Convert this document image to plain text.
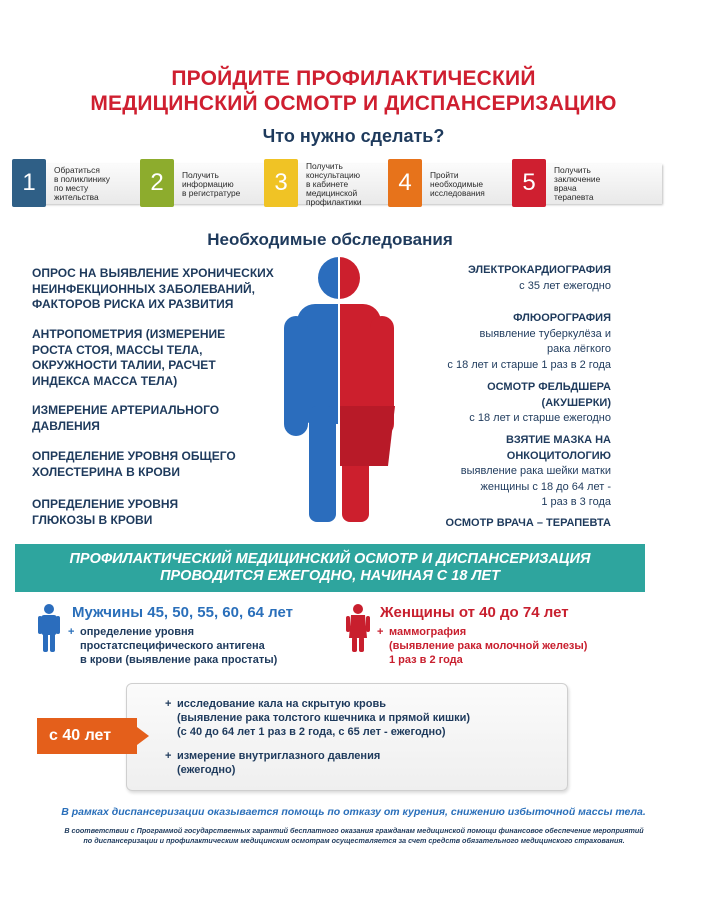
ПРОЙДИТЕ ПРОФИЛАКТИЧЕСКИЙ
МЕДИЦИНСКИЙ ОСМОТР И ДИСПАНСЕРИЗАЦИЮ
Что нужно сделать?
Обратиться
в поликлинику
по месту
жительства
1	Получить
информацию
в регистратуре
2
Получить
консультацию
в кабинете
медицинской
профилактики
3	Пройти
необходимые
исследования
4	Получить
заключение
врача
терапевта
5
Необходимые обследования
ОПРОС НА ВЫЯВЛЕНИЕ ХРОНИЧЕСКИХ
НЕИНФЕКЦИОННЫХ ЗАБОЛЕВАНИЙ,
ФАКТОРОВ РИСКА ИХ РАЗВИТИЯ
АНТРОПОМЕТРИЯ (ИЗМЕРЕНИЕ
РОСТА СТОЯ, МАССЫ ТЕЛА,
ОКРУЖНОСТИ ТАЛИИ, РАСЧЕТ
ИНДЕКСА МАССА ТЕЛА)
ИЗМЕРЕНИЕ АРТЕРИАЛЬНОГО
ДАВЛЕНИЯ
ОПРЕДЕЛЕНИЕ УРОВНЯ ОБЩЕГО
ХОЛЕСТЕРИНА В КРОВИ
ОПРЕДЕЛЕНИЕ УРОВНЯ
ГЛЮКОЗЫ В КРОВИ
ЭЛЕКТРОКАРДИОГРАФИЯ
с 35 лет ежегодно
ФЛЮОРОГРАФИЯ
выявление туберкулёза и
рака лёгкого
с 18 лет и старше 1 раз в 2 года
ОСМОТР ФЕЛЬДШЕРА
(АКУШЕРКИ)
с 18 лет и старше ежегодно
ВЗЯТИЕ МАЗКА НА
ОНКОЦИТОЛОГИЮ
выявление рака шейки матки
женщины с 18 до 64 лет -
1 раз в 3 года
ОСМОТР ВРАЧА – ТЕРАПЕВТА
ПРОФИЛАКТИЧЕСКИЙ МЕДИЦИНСКИЙ ОСМОТР И ДИСПАНСЕРИЗАЦИЯ
ПРОВОДИТСЯ ЕЖЕГОДНО, НАЧИНАЯ С 18 ЛЕТ
Мужчины 45, 50, 55, 60, 64 лет
+ определение уровня
простатспецифического антигена
в крови (выявление рака простаты)
Женщины от 40 до 74 лет
+ маммография
(выявление рака молочной железы)
1 раз в 2 года
с 40 лет
+ исследование кала на скрытую кровь
(выявление рака толстого кшечника и прямой кишки)
(с 40 до 64 лет 1 раз в 2 года, с 65 лет - ежегодно)
+ измерение внутриглазного давления
(ежегодно)
В рамках диспансеризации оказывается помощь по отказу от курения, снижению избыточной массы тела.
В соответствии с Программой государственных гарантий бесплатного оказания гражданам медицинской помощи финансовое обеспечение мероприятий
по диспансеризации и профилактическим медицинским осмотрам осуществляется за счет средств обязательного медицинского страхования.
